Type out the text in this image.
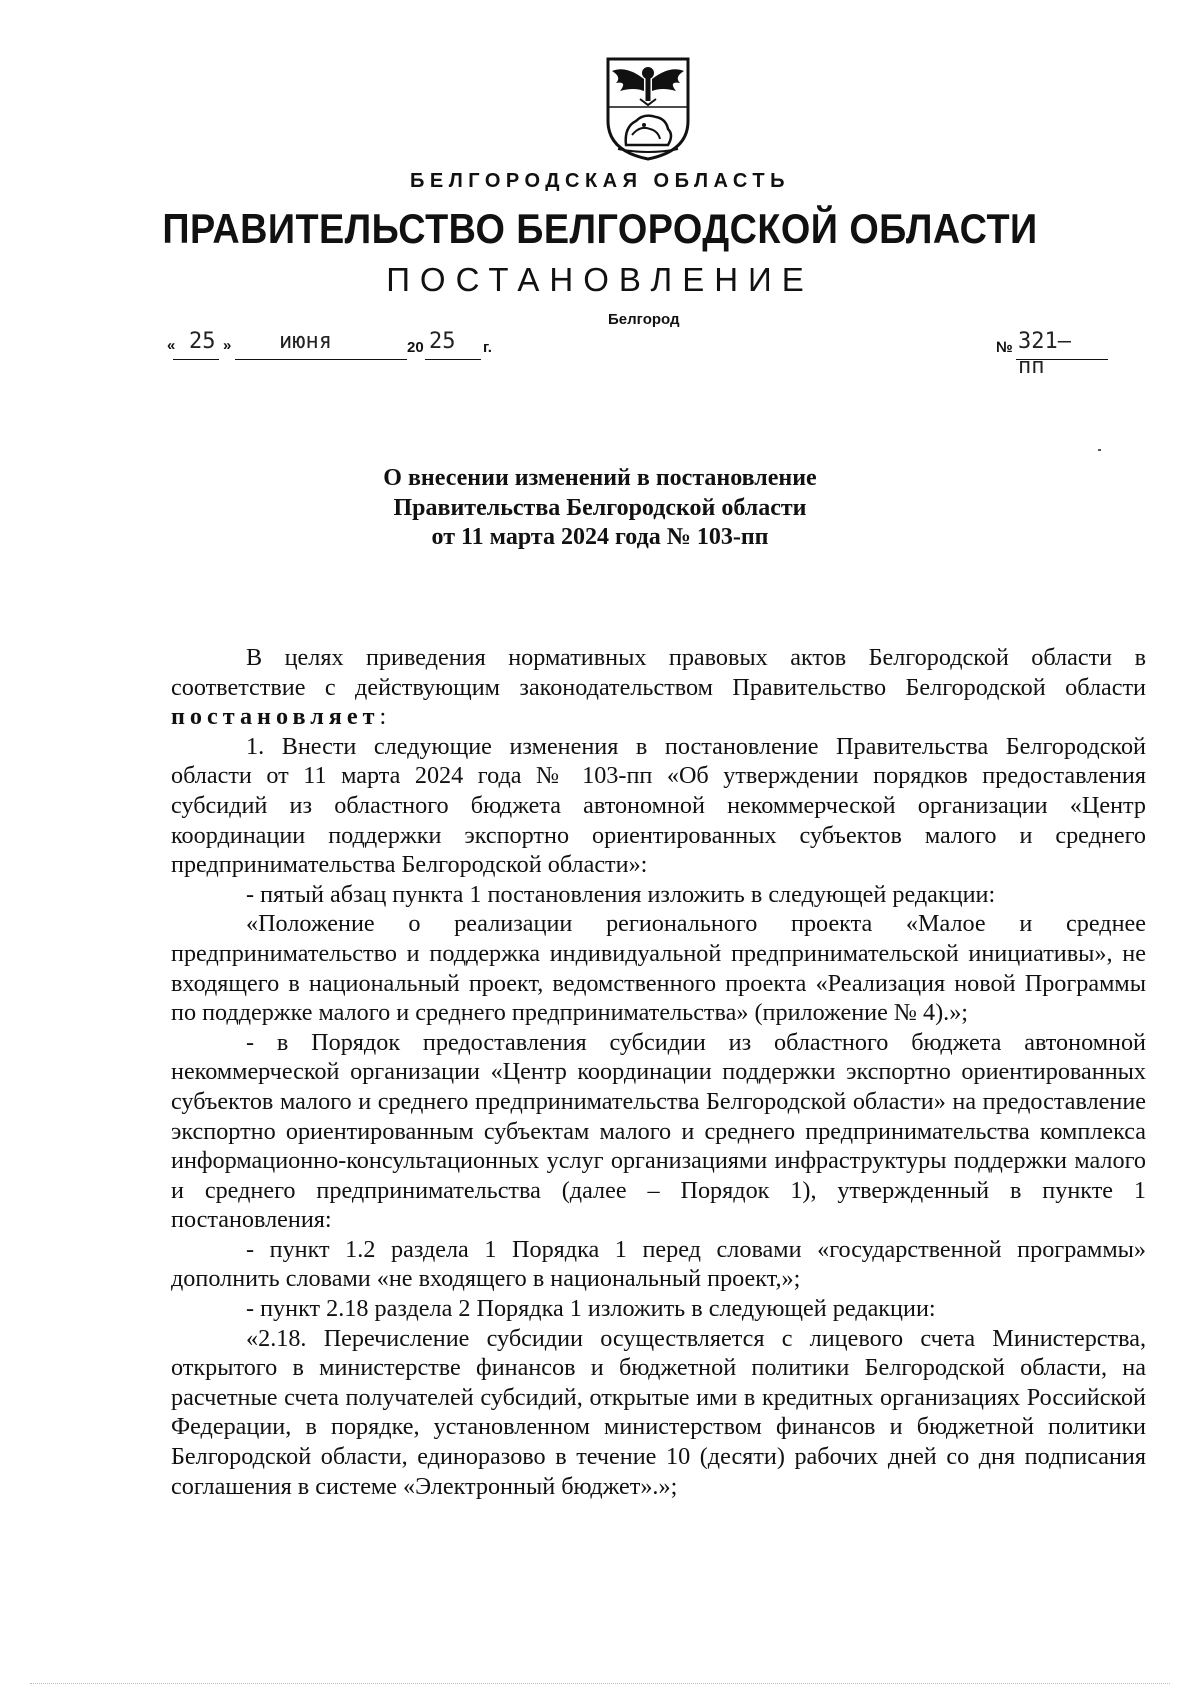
БЕЛГОРОДСКАЯ ОБЛАСТЬ
ПРАВИТЕЛЬСТВО БЕЛГОРОДСКОЙ ОБЛАСТИ
ПОСТАНОВЛЕНИЕ
Белгород
« 25 » июня	20 25 г.	№ 321–пп
О внесении изменений в постановление
Правительства Белгородской области
от 11 марта 2024 года № 103-пп

В целях приведения нормативных правовых актов Белгородской области в соответствие с действующим законодательством Правительство Белгородской области постановляет:

1. Внести следующие изменения в постановление Правительства Белгородской области от 11 марта 2024 года № 103-пп «Об утверждении порядков предоставления субсидий из областного бюджета автономной некоммерческой организации «Центр координации поддержки экспортно ориентированных субъектов малого и среднего предпринимательства Белгородской области»:

- пятый абзац пункта 1 постановления изложить в следующей редакции:

«Положение о реализации регионального проекта «Малое и среднее предпринимательство и поддержка индивидуальной предпринимательской инициативы», не входящего в национальный проект, ведомственного проекта «Реализация новой Программы по поддержке малого и среднего предпринимательства» (приложение № 4).»;

- в Порядок предоставления субсидии из областного бюджета автономной некоммерческой организации «Центр координации поддержки экспортно ориентированных субъектов малого и среднего предпринимательства Белгородской области» на предоставление экспортно ориентированным субъектам малого и среднего предпринимательства комплекса информационно-консультационных услуг организациями инфраструктуры поддержки малого и среднего предпринимательства (далее – Порядок 1), утвержденный в пункте 1 постановления:

- пункт 1.2 раздела 1 Порядка 1 перед словами «государственной программы» дополнить словами «не входящего в национальный проект,»;

- пункт 2.18 раздела 2 Порядка 1 изложить в следующей редакции:

«2.18. Перечисление субсидии осуществляется с лицевого счета Министерства, открытого в министерстве финансов и бюджетной политики Белгородской области, на расчетные счета получателей субсидий, открытые ими в кредитных организациях Российской Федерации, в порядке, установленном министерством финансов и бюджетной политики Белгородской области, единоразово в течение 10 (десяти) рабочих дней со дня подписания соглашения в системе «Электронный бюджет».»;
